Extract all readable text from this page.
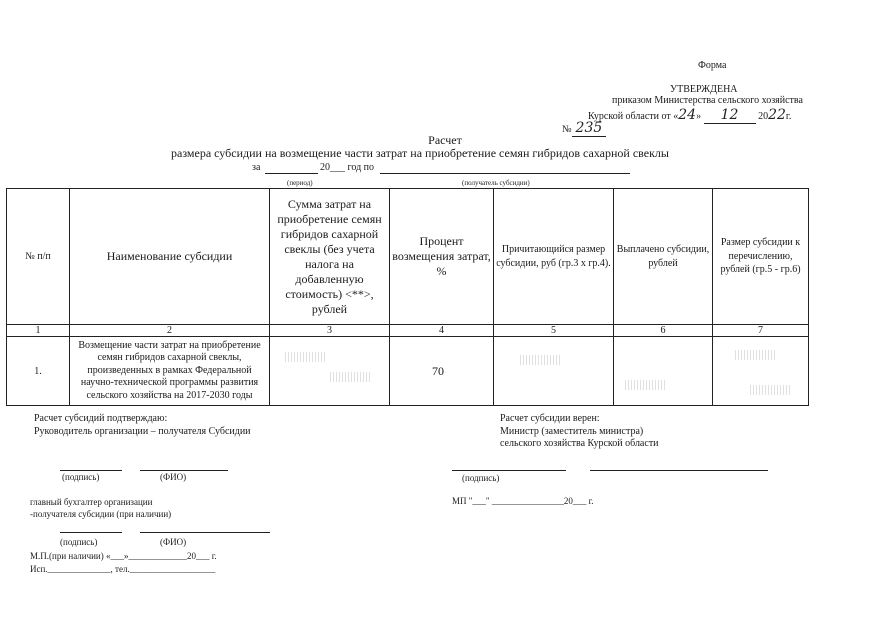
Форма
УТВЕРЖДЕНА
приказом Министерства сельского хозяйства
Курской области от «24» 12 2022г.
№ 235
Расчет
размера субсидии на возмещение части затрат на приобретение семян гибридов сахарной свеклы
за	20___ год по
(период)	(получатель субсидии)
№ п/п	Наименование субсидии	Сумма затрат на приобретение семян гибридов сахарной свеклы (без учета налога на добавленную стоимость) <**>, рублей	Процент возмещения затрат, %	Причитающийся размер субсидии, руб (гр.3 х гр.4).	Выплачено субсидии, рублей	Размер субсидии к перечислению, рублей (гр.5 - гр.6)
1	2	3	4	5	6	7
1.	Возмещение части затрат на приобретение семян гибридов сахарной свеклы, произведенных в рамках Федеральной научно-технической программы развития сельского хозяйства на 2017-2030 годы		70			
Расчет субсидий подтверждаю:
Руководитель организации – получателя Субсидии
(подпись)	(ФИО)
главный бухгалтер организации
-получателя субсидии (при наличии)
(подпись)	(ФИО)
М.П.(при наличии) «___»_____________20___ г.
Исп.______________, тел.___________________
Расчет субсидии верен:
Министр (заместитель министра)
сельского хозяйства Курской области
(подпись)
МП "___" ________________20___ г.
